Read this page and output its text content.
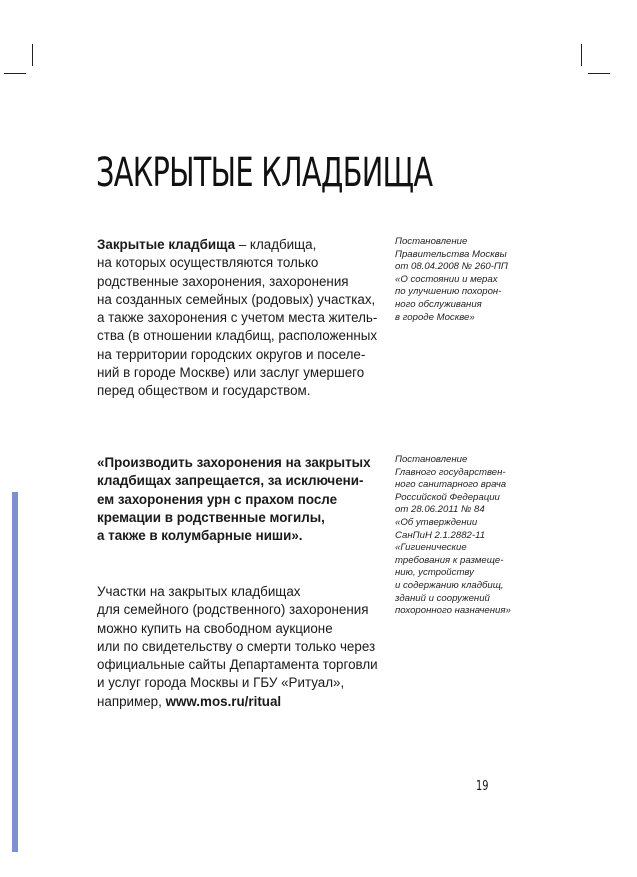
ЗАКРЫТЫЕ КЛАДБИЩА
Закрытые кладбища – кладбища,
на которых осуществляются только
родственные захоронения, захоронения
на созданных семейных (родовых) участках,
а также захоронения с учетом места житель-
ства (в отношении кладбищ, расположенных
на территории городских округов и поселе-
ний в городе Москве) или заслуг умершего
перед обществом и государством.
«Производить захоронения на закрытых
кладбищах запрещается, за исключени-
ем захоронения урн с прахом после
кремации в родственные могилы,
а также в колумбарные ниши».
Участки на закрытых кладбищах
для семейного (родственного) захоронения
можно купить на свободном аукционе
или по свидетельству о смерти только через
официальные сайты Департамента торговли
и услуг города Москвы и ГБУ «Ритуал»,
например, www.mos.ru/ritual
Постановление
Правительства Москвы
от 08.04.2008 № 260-ПП
«О состоянии и мерах
по улучшению похорон-
ного обслуживания
в городе Москве»
Постановление
Главного государствен-
ного санитарного врача
Российской Федерации
от 28.06.2011 № 84
«Об утверждении
СанПиН 2.1.2882-11
«Гигиенические
требования к размеще-
нию, устройству
и содержанию кладбищ,
зданий и сооружений
похоронного назначения»
19
